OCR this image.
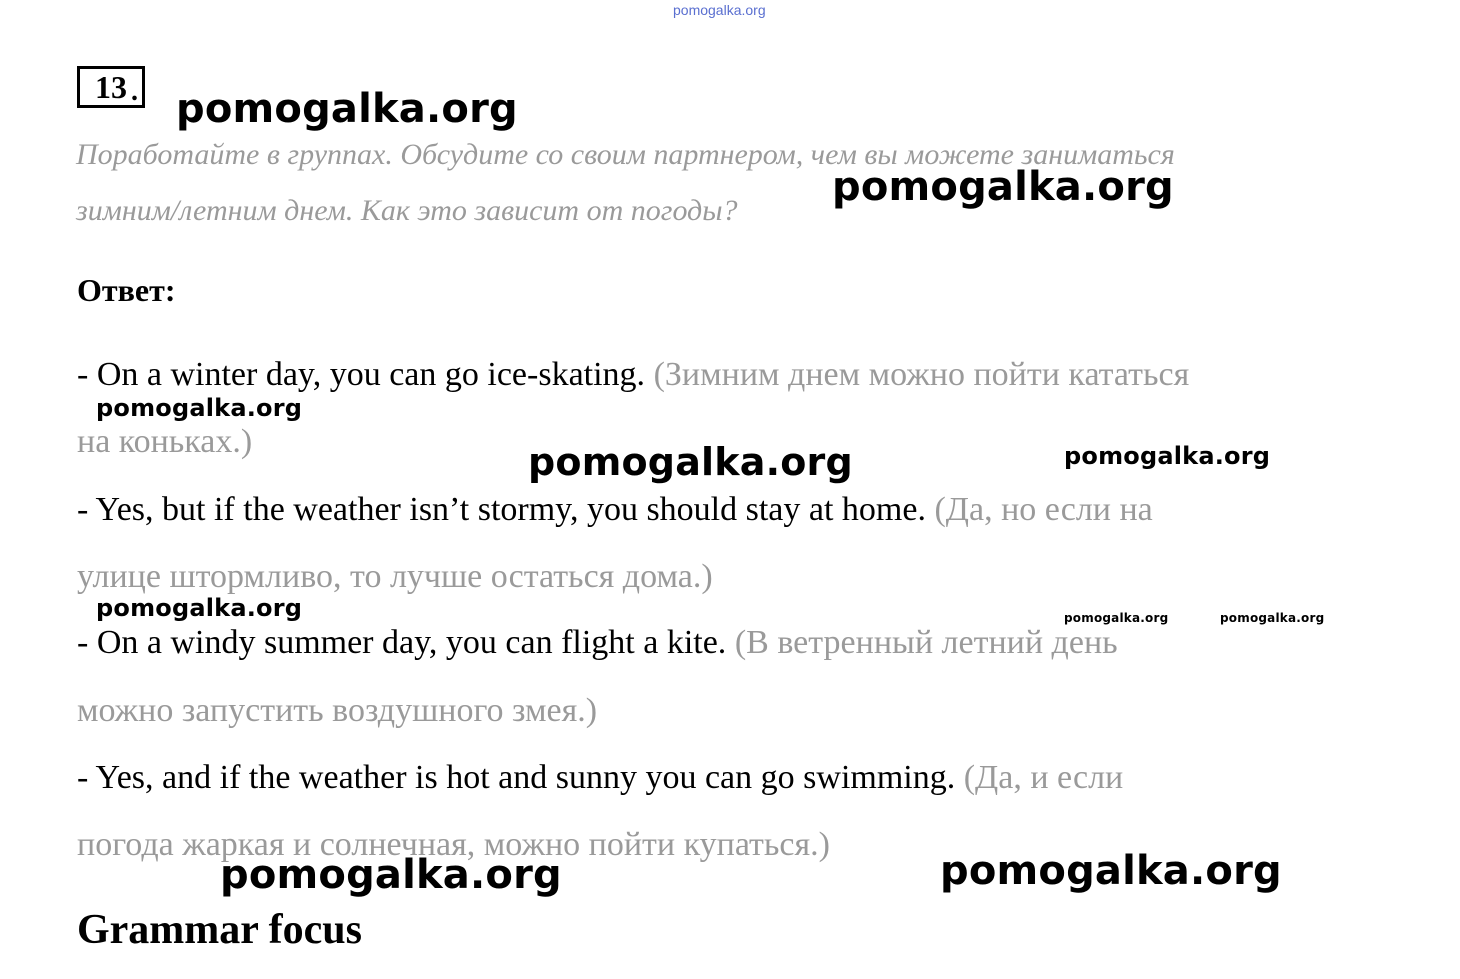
pomogalka.org
13 . pomogalka.org
Поработайте в группах. Обсудите со своим партнером, чем вы можете заниматься
зимним/летним днем. Как это зависит от погоды?
pomogalka.org
Ответ:
- On a winter day, you can go ice-skating. (Зимним днем можно пойти кататься
pomogalka.org
на коньках.)	pomogalka.org	pomogalka.org
- Yes, but if the weather isn’t stormy, you should stay at home. (Да, но если на
улице штормливо, то лучше остаться дома.)
pomogalka.org	pomogalka.org	pomogalka.org
- On a windy summer day, you can flight a kite. (В ветренный летний день
можно запустить воздушного змея.)
- Yes, and if the weather is hot and sunny you can go swimming. (Да, и если
погода жаркая и солнечная, можно пойти купаться.)
pomogalka.org	pomogalka.org
Grammar focus
